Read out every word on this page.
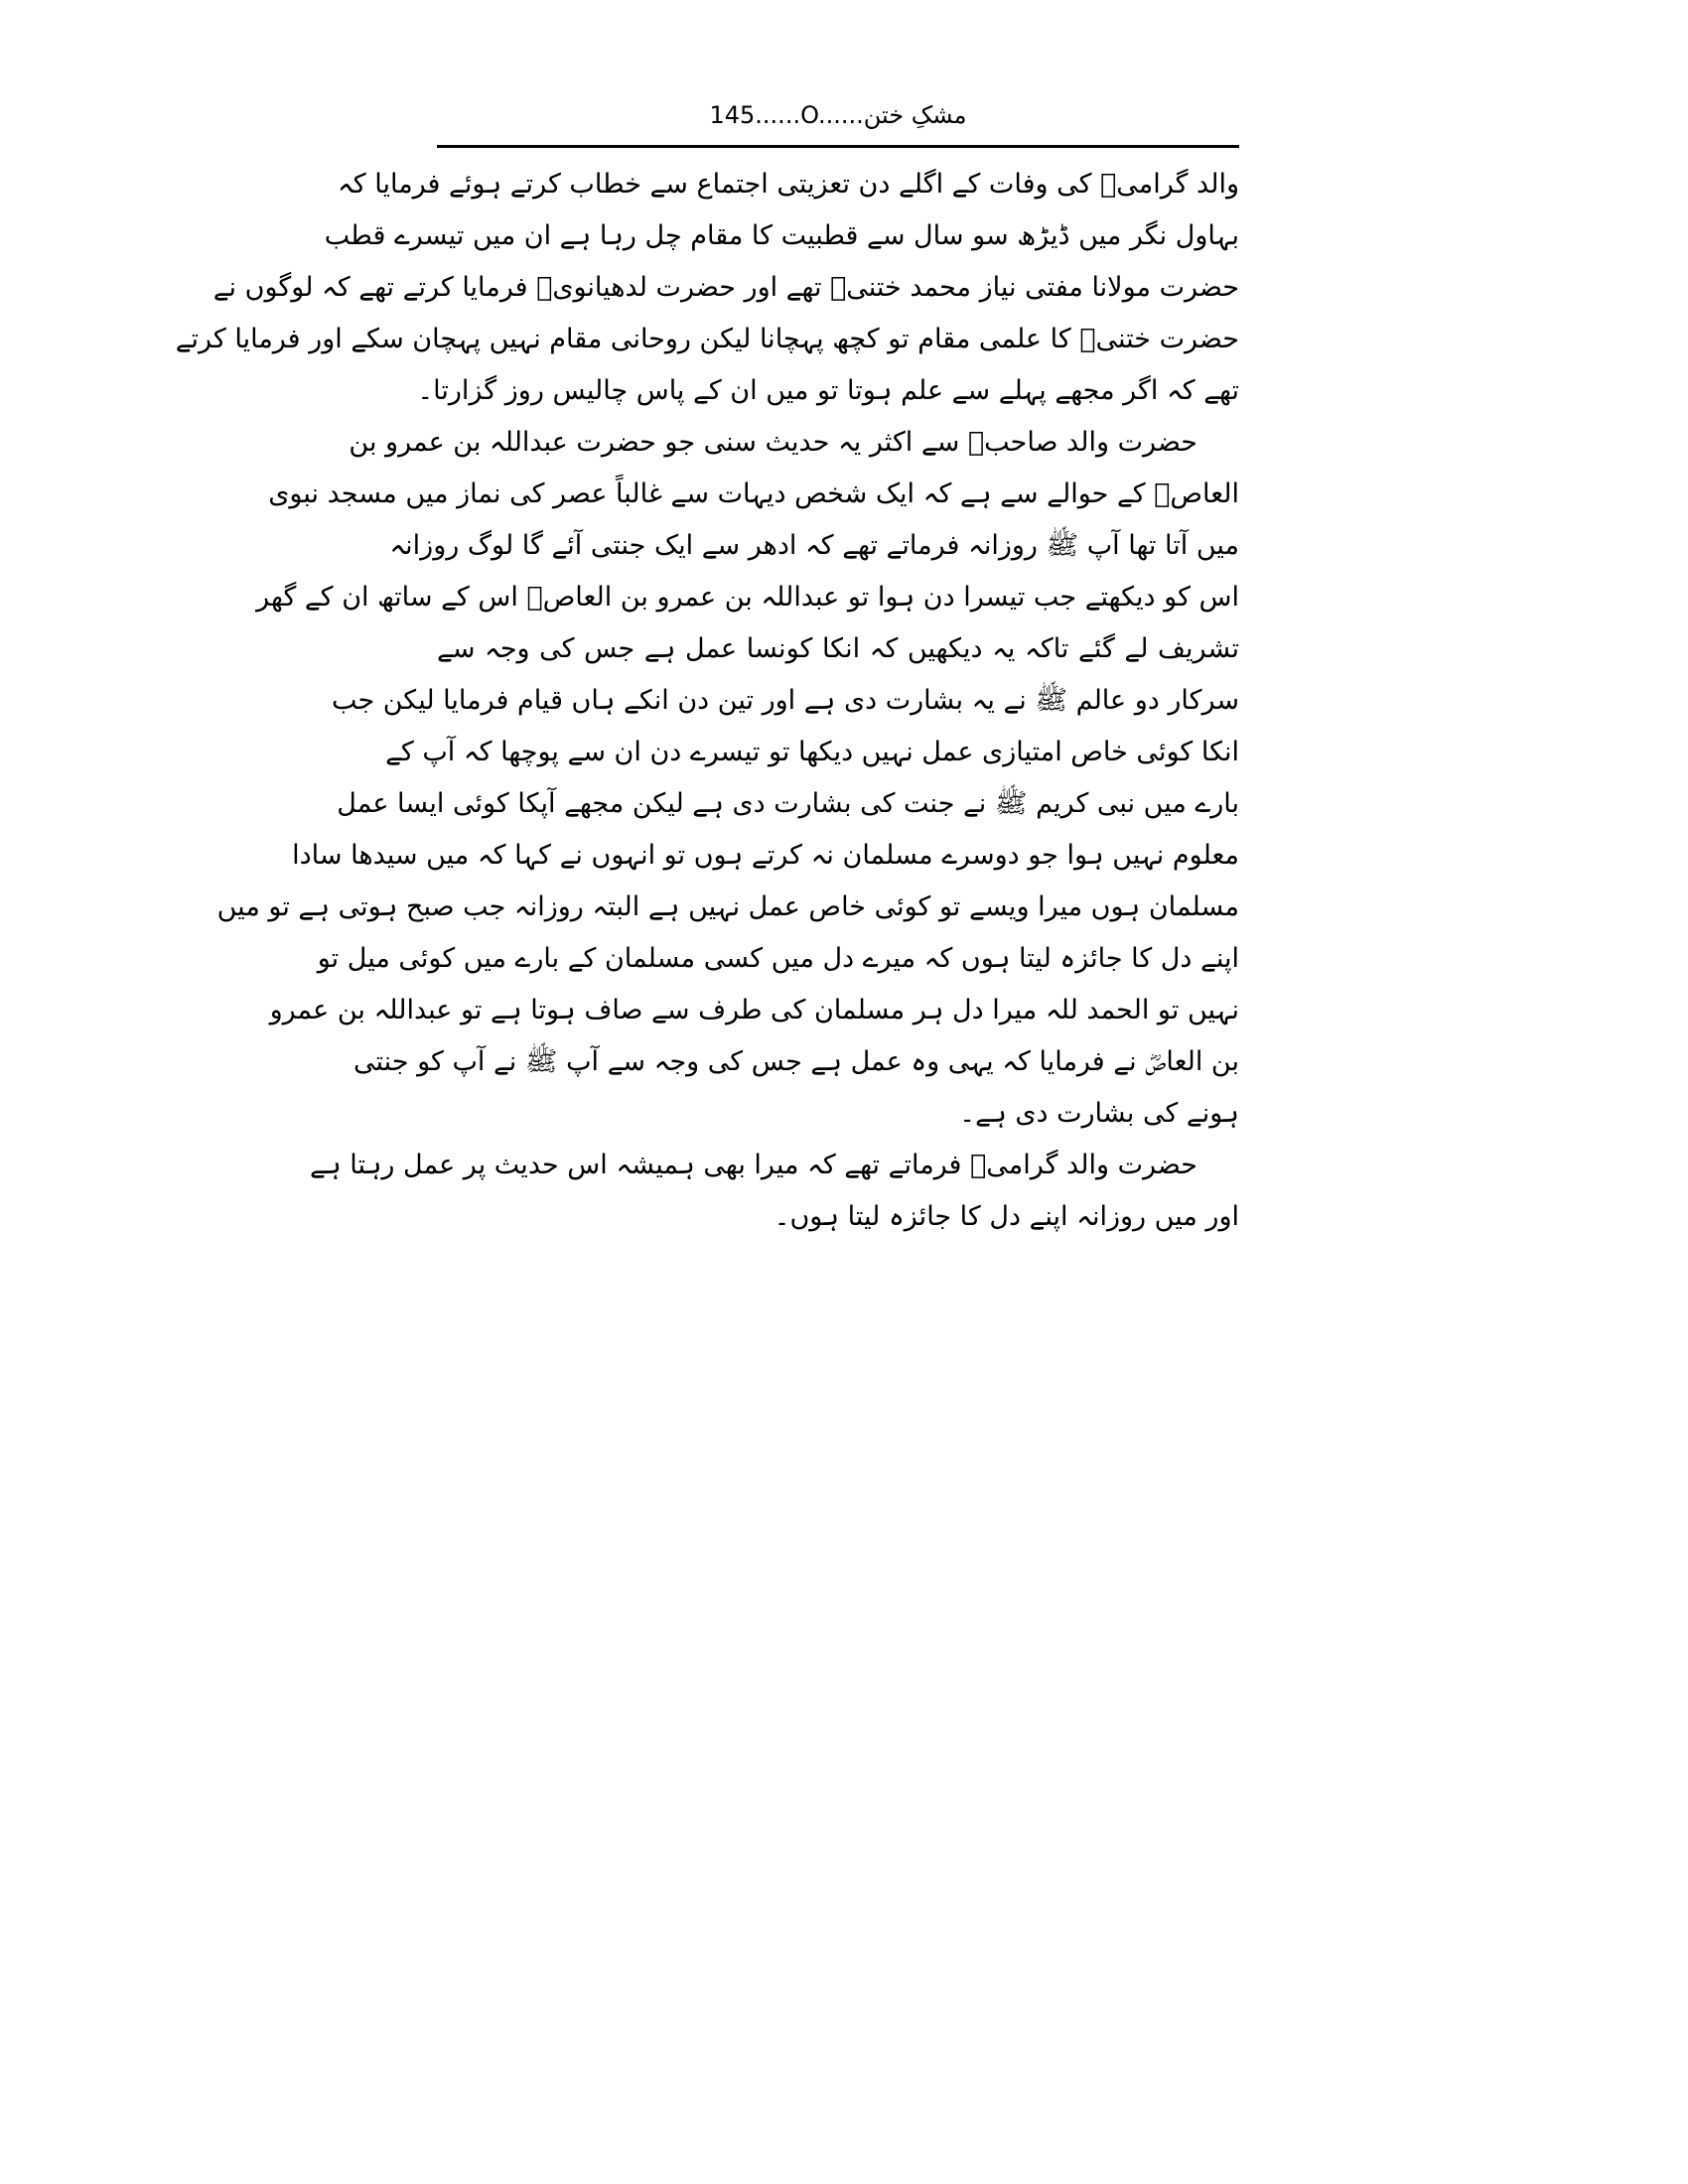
145......O......مشکِ ختن
والد گرامیؒ کی وفات کے اگلے دن تعزیتی اجتماع سے خطاب کرتے ہوئے فرمایا کہ
بہاول نگر میں ڈیڑھ سو سال سے قطبیت کا مقام چل رہا ہے ان میں تیسرے قطب
حضرت مولانا مفتی نیاز محمد ختنیؒ تھے اور حضرت لدھیانویؒ فرمایا کرتے تھے کہ لوگوں نے
حضرت ختنیؒ کا علمی مقام تو کچھ پہچانا لیکن روحانی مقام نہیں پہچان سکے اور فرمایا کرتے
تھے کہ اگر مجھے پہلے سے علم ہوتا تو میں ان کے پاس چالیس روز گزارتا۔
حضرت والد صاحبؒ سے اکثر یہ حدیث سنی جو حضرت عبداللہ بن عمرو بن
العاصؓ کے حوالے سے ہے کہ ایک شخص دیہات سے غالباً عصر کی نماز میں مسجد نبوی
میں آتا تھا آپ ﷺ روزانہ فرماتے تھے کہ ادھر سے ایک جنتی آئے گا لوگ روزانہ
اس کو دیکھتے جب تیسرا دن ہوا تو عبداللہ بن عمرو بن العاصؓ اس کے ساتھ ان کے گھر
تشریف لے گئے تاکہ یہ دیکھیں کہ انکا کونسا عمل ہے جس کی وجہ سے
سرکار دو عالم ﷺ نے یہ بشارت دی ہے اور تین دن انکے ہاں قیام فرمایا لیکن جب
انکا کوئی خاص امتیازی عمل نہیں دیکھا تو تیسرے دن ان سے پوچھا کہ آپ کے
بارے میں نبی کریم ﷺ نے جنت کی بشارت دی ہے لیکن مجھے آپکا کوئی ایسا عمل
معلوم نہیں ہوا جو دوسرے مسلمان نہ کرتے ہوں تو انہوں نے کہا کہ میں سیدھا سادا
مسلمان ہوں میرا ویسے تو کوئی خاص عمل نہیں ہے البتہ روزانہ جب صبح ہوتی ہے تو میں
اپنے دل کا جائزہ لیتا ہوں کہ میرے دل میں کسی مسلمان کے بارے میں کوئی میل تو
نہیں تو الحمد للہ میرا دل ہر مسلمان کی طرف سے صاف ہوتا ہے تو عبداللہ بن عمرو
بن العاصؓ نے فرمایا کہ یہی وہ عمل ہے جس کی وجہ سے آپ ﷺ نے آپ کو جنتی
ہونے کی بشارت دی ہے۔
حضرت والد گرامیؒ فرماتے تھے کہ میرا بھی ہمیشہ اس حدیث پر عمل رہتا ہے
اور میں روزانہ اپنے دل کا جائزہ لیتا ہوں۔
